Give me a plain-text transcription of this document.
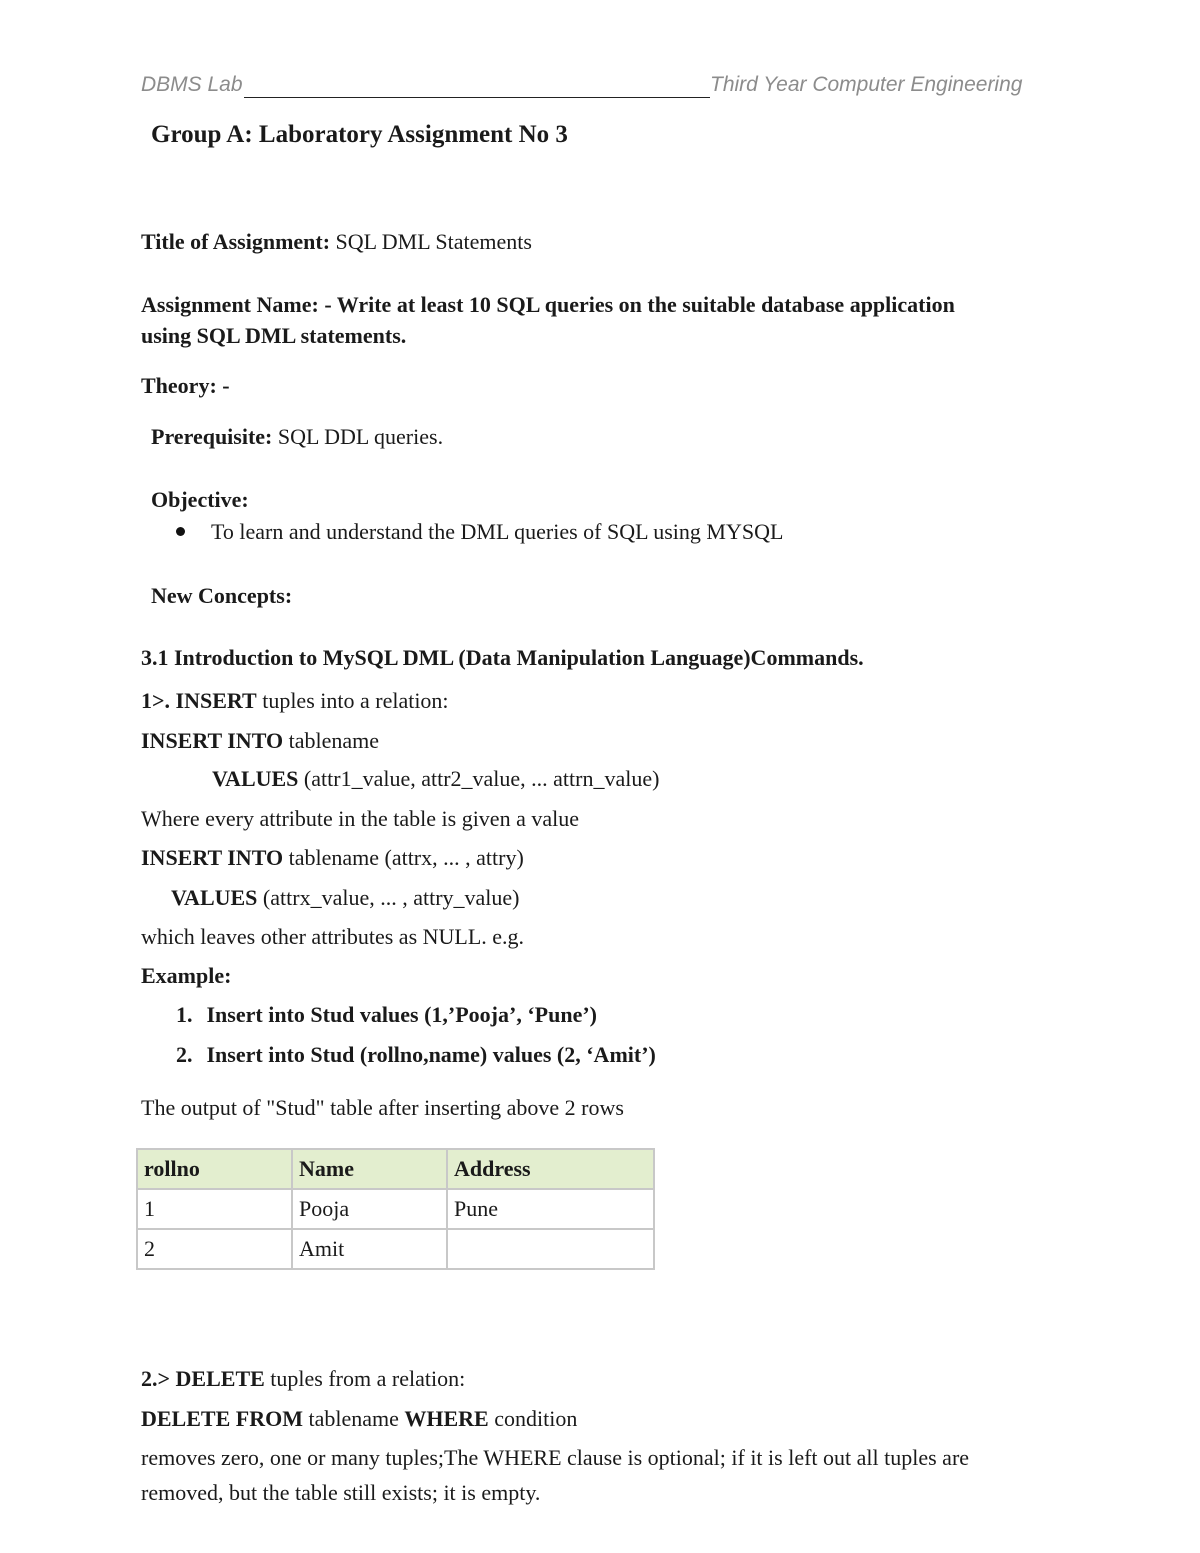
DBMS Lab	Third Year Computer Engineering
Group A: Laboratory Assignment No 3
Title of Assignment: SQL DML Statements
Assignment Name: - Write at least 10 SQL queries on the suitable database application
using SQL DML statements.
Theory: -
Prerequisite: SQL DDL queries.
Objective:
To learn and understand the DML queries of SQL using MYSQL
New Concepts:
3.1 Introduction to MySQL DML (Data Manipulation Language)Commands.
1>. INSERT tuples into a relation:
INSERT INTO tablename
VALUES (attr1_value, attr2_value, ... attrn_value)
Where every attribute in the table is given a value
INSERT INTO tablename (attrx, ... , attry)
VALUES (attrx_value, ... , attry_value)
which leaves other attributes as NULL. e.g.
Example:
1. Insert into Stud values (1,’Pooja’, ‘Pune’)
2. Insert into Stud (rollno,name) values (2, ‘Amit’)
The output of "Stud" table after inserting above 2 rows
rollno	Name	Address
1	Pooja	Pune
2	Amit	
2.> DELETE tuples from a relation:
DELETE FROM tablename WHERE condition
removes zero, one or many tuples;The WHERE clause is optional; if it is left out all tuples are
removed, but the table still exists; it is empty.
